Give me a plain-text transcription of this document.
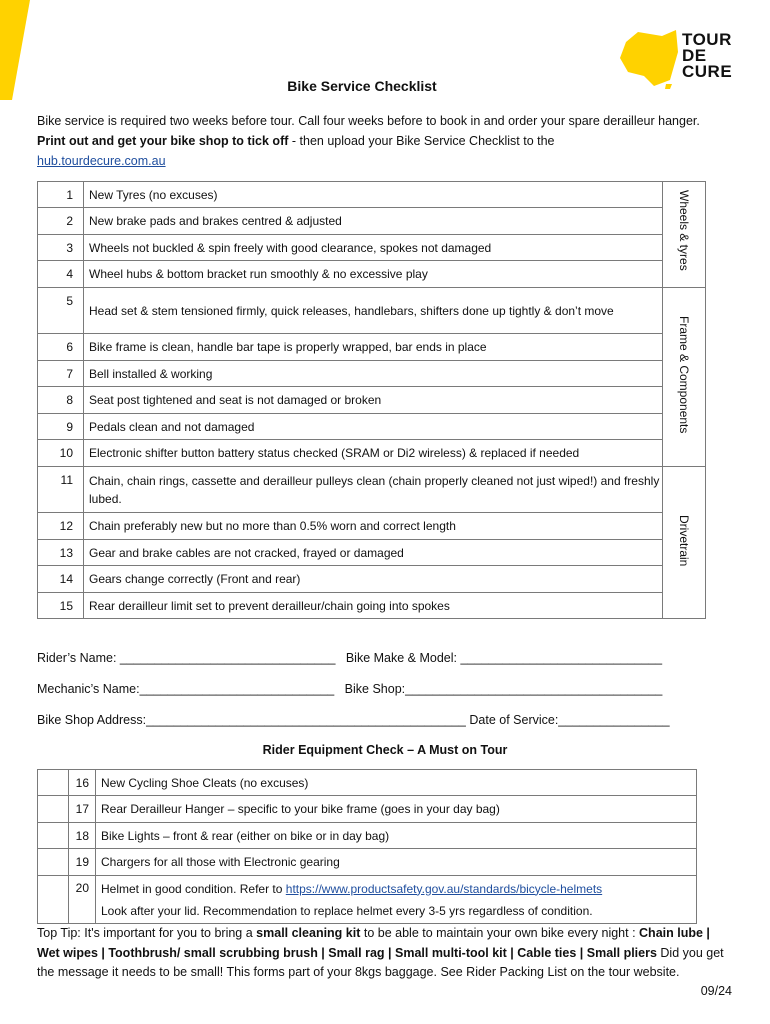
TOUR
DE
CURE
Bike Service Checklist
Bike service is required two weeks before tour. Call four weeks before to book in and order your spare derailleur hanger. Print out and get your bike shop to tick off - then upload your Bike Service Checklist to the
hub.tourdecure.com.au
1	New Tyres (no excuses)	Wheels & tyres

2	New brake pads and brakes centred & adjusted	
3	Wheels not buckled & spin freely with good clearance, spokes not damaged	
4	Wheel hubs & bottom bracket run smoothly & no excessive play	
5	Head set & stem tensioned firmly, quick releases, handlebars, shifters done up tightly & don’t move	Frame & Components

6	Bike frame is clean, handle bar tape is properly wrapped, bar ends in place	
7	Bell installed & working	
8	Seat post tightened and seat is not damaged or broken	
9	Pedals clean and not damaged	
10	Electronic shifter button battery status checked (SRAM or Di2 wireless) & replaced if needed	
11	Chain, chain rings, cassette and derailleur pulleys clean (chain properly cleaned not just wiped!) and freshly lubed.	Drivetrain

12	Chain preferably new but no more than 0.5% worn and correct length	
13	Gear and brake cables are not cracked, frayed or damaged	
14	Gears change correctly (Front and rear)	
15	Rear derailleur limit set to prevent derailleur/chain going into spokes	
Rider’s Name: _______________________________ Bike Make & Model: _____________________________
Mechanic’s Name:____________________________ Bike Shop:_____________________________________
Bike Shop Address:______________________________________________ Date of Service:________________
Rider Equipment Check – A Must on Tour
	16	New Cycling Shoe Cleats (no excuses)
	17	Rear Derailleur Hanger – specific to your bike frame (goes in your day bag)
	18	Bike Lights – front & rear (either on bike or in day bag)
	19	Chargers for all those with Electronic gearing
	20	Helmet in good condition. Refer to https://www.productsafety.gov.au/standards/bicycle-helmets
Look after your lid. Recommendation to replace helmet every 3-5 yrs regardless of condition.
Top Tip: It's important for you to bring a small cleaning kit to be able to maintain your own bike every night : Chain lube | Wet wipes | Toothbrush/ small scrubbing brush | Small rag | Small multi-tool kit | Cable ties | Small pliers Did you get the message it needs to be small! This forms part of your 8kgs baggage. See Rider Packing List on the tour website.
09/24
